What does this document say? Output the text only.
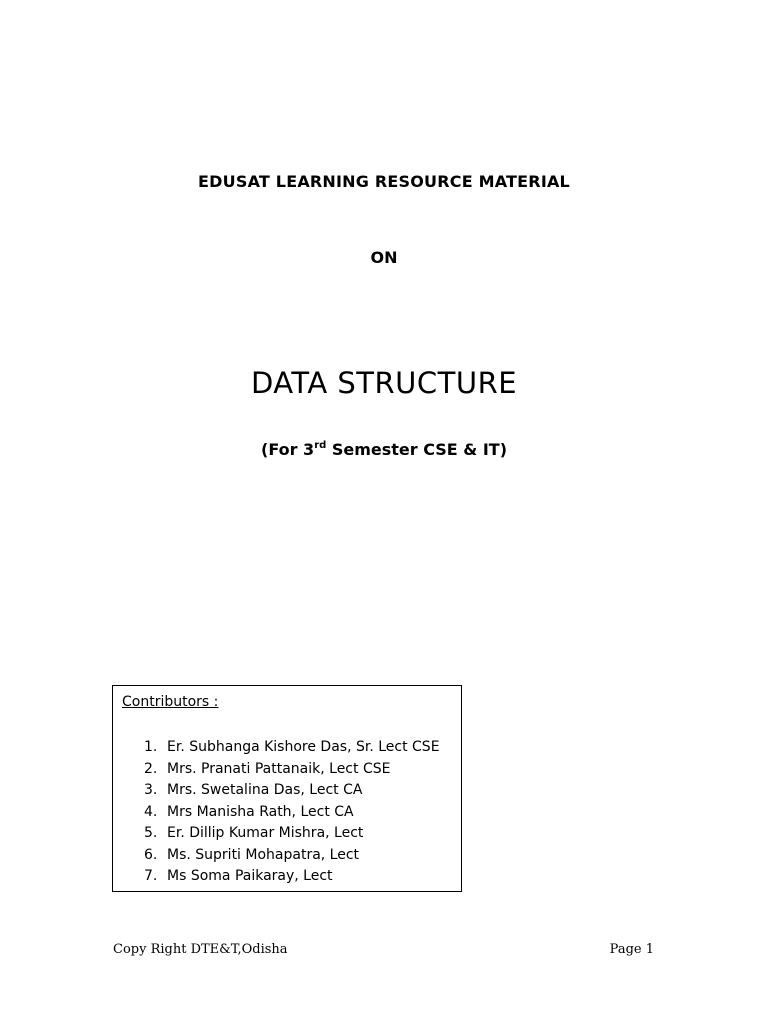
EDUSAT LEARNING RESOURCE MATERIAL
ON
DATA STRUCTURE
(For 3rd Semester CSE & IT)
Contributors :
1. Er. Subhanga Kishore Das, Sr. Lect CSE
2. Mrs. Pranati Pattanaik, Lect CSE
3. Mrs. Swetalina Das, Lect CA
4. Mrs Manisha Rath, Lect CA
5. Er. Dillip Kumar Mishra, Lect
6. Ms. Supriti Mohapatra, Lect
7. Ms Soma Paikaray, Lect
Copy Right DTE&T,Odisha	Page 1
